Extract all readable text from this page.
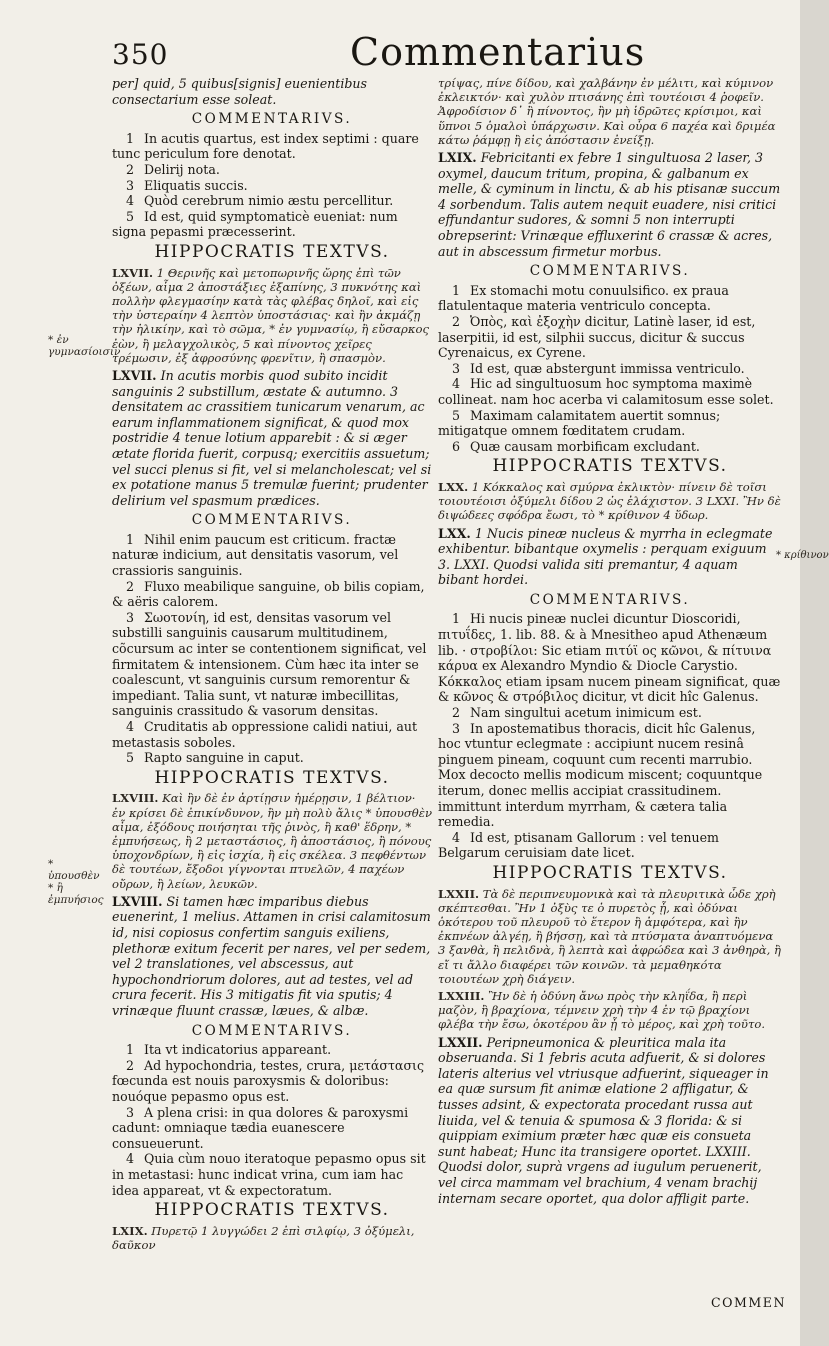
350	Commentarius

per] quid, 5 quibus[signis] euenientibus consectarium esse soleat.

COMMENTARIVS.

1 In acutis quartus, est index septimi : quare tunc periculum fore denotat.

2 Delirij nota.

3 Eliquatis succis.

4 Quòd cerebrum nimio æstu percellitur.

5 Id est, quid symptomaticè eueniat: num signa pepasmi præcesserint.

HIPPOCRATIS TEXTVS.

LXVII. 1 Θερινῆς καὶ μετοπωρινῆς ὥρης ἐπὶ τῶν ὀξέων, αἷμα 2 ἀποστάξιες ἐξαπίνης, 3 πυκνότης καὶ πολλὴν φλεγμασίην κατὰ τὰς φλέβας δηλοῖ, καὶ εἰς τὴν ὑστεραίην 4 λεπτὸν ὑποστάσιας· καὶ ἢν ἀκμάζῃ τὴν ἡλικίην, καὶ τὸ σῶμα, * ἐν γυμνασίῳ, ἢ εὔσαρκος ἐὼν, ἢ μελαγχολικὸς, 5 καὶ πίνοντος χεῖρες τρέμωσιν, ἐξ ἀφροσύνης φρενῖτιν, ἢ σπασμὸν.

LXVII. In acutis morbis quod subito incidit sanguinis 2 substillum, æstate & autumno. 3 densitatem ac crassitiem tunicarum venarum, ac earum inflammationem significat, & quod mox postridie 4 tenue lotium apparebit : & si æger ætate florida fuerit, corpusq; exercitiis assuetum; vel succi plenus si fit, vel si melancholescat; vel si ex potatione manus 5 tremulæ fuerint; prudenter delirium vel spasmum prædices.

COMMENTARIVS.

1 Nihil enim paucum est criticum. fractæ naturæ indicium, aut densitatis vasorum, vel crassioris sanguinis.

2 Fluxo meabilique sanguine, ob bilis copiam, & aëris calorem.

3 Σωοτονίη, id est, densitas vasorum vel substilli sanguinis causarum multitudinem, cõcursum ac inter se contentionem significat, vel firmitatem & intensionem. Cùm hæc ita inter se coalescunt, vt sanguinis cursum remorentur & impediant. Talia sunt, vt naturæ imbecillitas, sanguinis crassitudo & vasorum densitas.

4 Cruditatis ab oppressione calidi natiui, aut metastasis soboles.

5 Rapto sanguine in caput.

HIPPOCRATIS TEXTVS.

LXVIII. Καὶ ἢν δὲ ἐν ἀρτίῃσιν ἡμέρῃσιν, 1 βέλτιον· ἐν κρίσει δὲ ἐπικίνδυνον, ἢν μὴ πολὺ ἄλις * ὑπουσθὲν αἷμα, ἐξόδους ποιήσηται τῆς ῥινὸς, ἢ καθ' ἕδρην, * ἐμπυήσεως, ἢ 2 μεταστάσιος, ἢ ἀποστάσιος, ἢ πόνους ὑποχονδρίων, ἢ εἰς ἰσχία, ἢ εἰς σκέλεα. 3 πεφθέντων δὲ τουτέων, ἔξοδοι γίγνονται πτυελῶν, 4 παχέων οὔρων, ἢ λείων, λευκῶν.

LXVIII. Si tamen hæc imparibus diebus euenerint, 1 melius. Attamen in crisi calamitosum id, nisi copiosus confertim sanguis exiliens, plethoræ exitum fecerit per nares, vel per sedem, vel 2 translationes, vel abscessus, aut hypochondriorum dolores, aut ad testes, vel ad crura fecerit. His 3 mitigatis fit via sputis; 4 vrinæque fluunt crassæ, læues, & albæ.

COMMENTARIVS.

1 Ita vt indicatorius appareant.

2 Ad hypochondria, testes, crura, μετάστασις fœcunda est nouis paroxysmis & doloribus: nouóque pepasmo opus est.

3 A plena crisi: in qua dolores & paroxysmi cadunt: omniaque tædia euanescere consueuerunt.

4 Quia cùm nouo iteratoque pepasmo opus sit in metastasi: hunc indicat vrina, cum iam hac idea appareat, vt & expectoratum.

HIPPOCRATIS TEXTVS.

LXIX. Πυρετῷ 1 λυγγώδει 2 ἐπὶ σιλφίῳ, 3 ὀξύμελι, δαῦκον

τρίψας, πίνε δίδου, καὶ χαλβάνην ἐν μέλιτι, καὶ κύμινον ἐκλεικτόν· καὶ χυλὸν πτισάνης ἐπὶ τουτέοισι 4 ῥοφεῖν. Ἀφροδίσιον δ᾽ ἢ πίνοντος, ἢν μὴ ἱδρῶτες κρίσιμοι, καὶ ὕπνοι 5 ὁμαλοὶ ὑπάρχωσιν. Καὶ οὖρα 6 παχέα καὶ δριμέα κάτω ῥάμφῃ ἢ εἰς ἀπόστασιν ἐνείξῃ.

LXIX. Febricitanti ex febre 1 singultuosa 2 laser, 3 oxymel, daucum tritum, propina, & galbanum ex melle, & cyminum in linctu, & ab his ptisanæ succum 4 sorbendum. Talis autem nequit euadere, nisi critici effundantur sudores, & somni 5 non interrupti obrepserint: Vrinæque effluxerint 6 crassæ & acres, aut in abscessum firmetur morbus.

COMMENTARIVS.

1 Ex stomachi motu conuulsifico. ex praua flatulentaque materia ventriculo concepta.

2 Ὀπὸς, καὶ ἐξοχὴν dicitur, Latinè laser, id est, laserpitii, id est, silphii succus, dicitur & succus Cyrenaicus, ex Cyrene.

3 Id est, quæ abstergunt immissa ventriculo.

4 Hic ad singultuosum hoc symptoma maximè collineat. nam hoc acerba vi calamitosum esse solet.

5 Maximam calamitatem auertit somnus; mitigatque omnem fœditatem crudam.

6 Quæ causam morbificam excludant.

HIPPOCRATIS TEXTVS.

LXX. 1 Κόκκαλος καὶ σμύρνα ἐκλικτὸν· πίνειν δὲ τοῖσι τοιουτέοισι ὀξύμελι δίδου 2 ὡς ἐλάχιστον. 3 LXXI. Ἢν δὲ διψώδεες σφόδρα ἔωσι, τὸ * κρίθινον 4 ὕδωρ.

LXX. 1 Nucis pineæ nucleus & myrrha in eclegmate exhibentur. bibantque oxymelis : perquam exiguum 3. LXXI. Quodsi valida siti premantur, 4 aquam bibant hordei.

COMMENTARIVS.

1 Hi nucis pineæ nuclei dicuntur Dioscoridi, πιτυΐδες, 1. lib. 88. & à Mnesitheo apud Athenæum lib. · στροβίλοι: Sic etiam πιτύϊ ος κῶνοι, & πίτυινα κάρυα ex Alexandro Myndio & Diocle Carystio. Κόκκαλος etiam ipsam nucem pineam significat, quæ & κῶνος & στρόβιλος dicitur, vt dicit hîc Galenus.

2 Nam singultui acetum inimicum est.

3 In apostematibus thoracis, dicit hîc Galenus, hoc vtuntur eclegmate : accipiunt nucem resinâ pinguem pineam, coquunt cum recenti marrubio. Mox decocto mellis modicum miscent; coquuntque iterum, donec mellis accipiat crassitudinem. immittunt interdum myrrham, & cætera talia remedia.

4 Id est, ptisanam Gallorum : vel tenuem Belgarum ceruisiam date licet.

HIPPOCRATIS TEXTVS.

LXXII. Τὰ δὲ περιπνευμονικὰ καὶ τὰ πλευριτικὰ ὧδε χρὴ σκέπτεσθαι. Ἢν 1 ὀξὺς τε ὁ πυρετὸς ᾖ, καὶ ὀδύναι ὁκότερου τοῦ πλευροῦ τὸ ἕτερον ἢ ἀμφότερα, καὶ ἢν ἐκπνέων ἀλγέῃ, ἢ βήσσῃ, καὶ τὰ πτύσματα ἀναπτυόμενα 3 ξανθὰ, ἢ πελιδνὰ, ἢ λεπτὰ καὶ ἀφρώδεα καὶ 3 ἀνθηρὰ, ἢ εἴ τι ἄλλο διαφέρει τῶν κοινῶν. τὰ μεμαθηκότα τοιουτέων χρὴ διάγειν.

LXXIII. Ἢν δὲ ἡ ὀδύνη ἄνω πρὸς τὴν κληΐδα, ἢ περὶ μαζὸν, ἢ βραχίονα, τέμνειν χρὴ τὴν 4 ἐν τῷ βραχίονι φλέβα τὴν ἔσω, ὁκοτέρου ἂν ᾖ τὸ μέρος, καὶ χρὴ τοῦτο.

LXXII. Peripneumonica & pleuritica mala ita obseruanda. Si 1 febris acuta adfuerit, & si dolores lateris alterius vel vtriusque adfuerint, siqueager in ea quæ sursum fit animæ elatione 2 affligatur, & tusses adsint, & expectorata procedant russa aut liuida, vel & tenuia & spumosa & 3 florida: & si quippiam eximium præter hæc quæ eis consueta sunt habeat; Hunc ita transigere oportet. LXXIII. Quodsi dolor, suprà vrgens ad iugulum peruenerit, vel circa mammam vel brachium, 4 venam brachij internam secare oportet, qua dolor affligit parte.

* ἐν γυμνασίοισιν
* ὑπουσθὲν * ἢ ἐμπυήσιος
* κρίθινον
COMMEN
